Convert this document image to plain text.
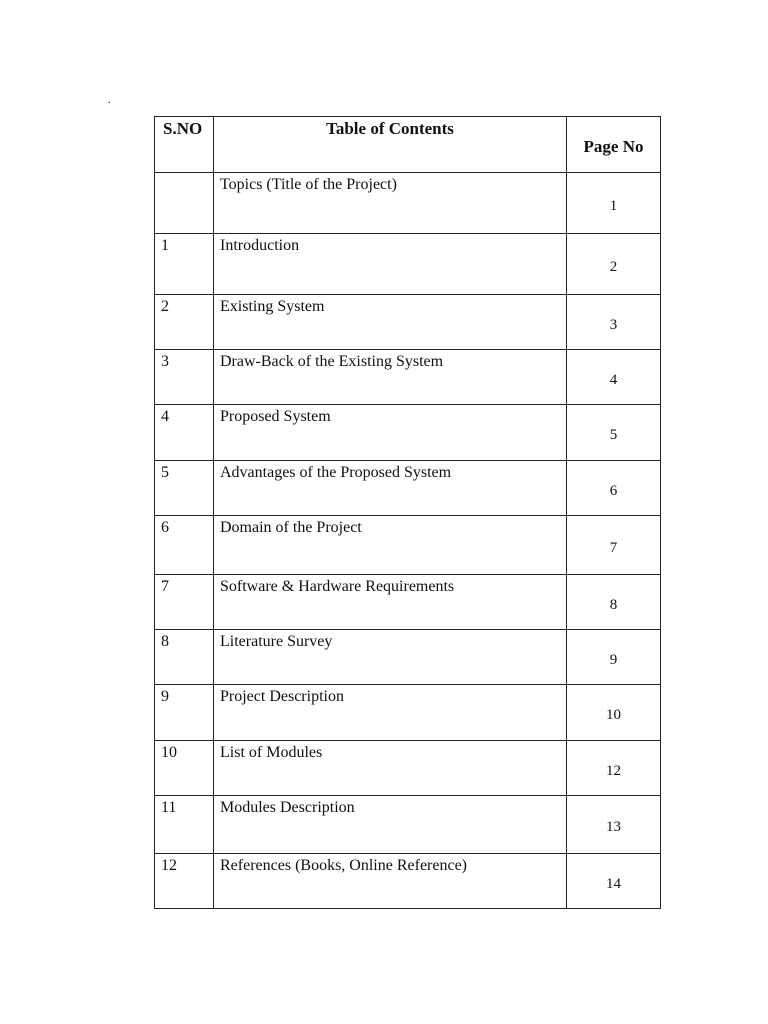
.
S.NO	Table of Contents	Page No
	Topics (Title of the Project)	1
1	Introduction	2
2	Existing System	3
3	Draw-Back of the Existing System	4
4	Proposed System	5
5	Advantages of the Proposed System	6
6	Domain of the Project	7
7	Software & Hardware Requirements	8
8	Literature Survey	9
9	Project Description	10
10	List of Modules	12
11	Modules Description	13
12	References (Books, Online Reference)	14
